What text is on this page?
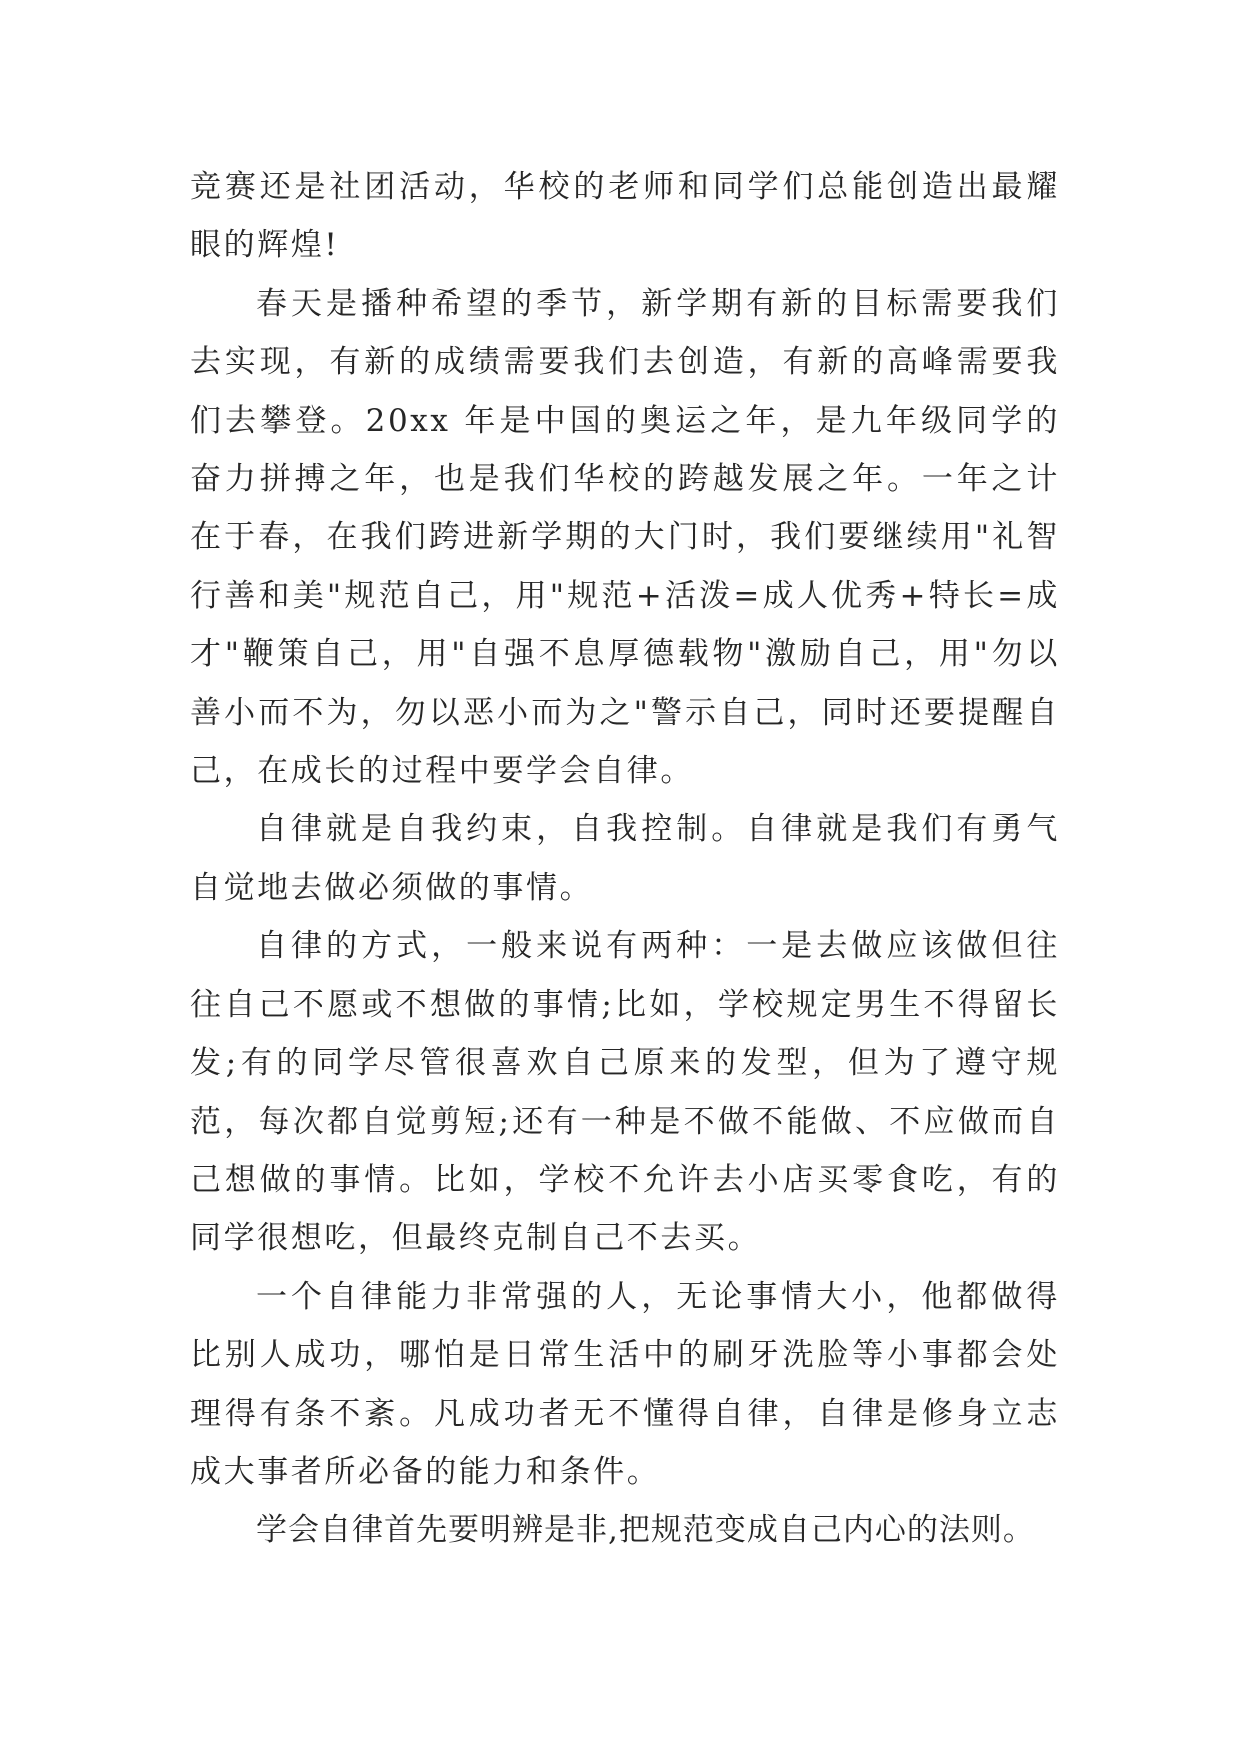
竞赛还是社团活动，华校的老师和同学们总能创造出最耀眼的辉煌!

春天是播种希望的季节，新学期有新的目标需要我们去实现，有新的成绩需要我们去创造，有新的高峰需要我们去攀登。20xx 年是中国的奥运之年，是九年级同学的奋力拼搏之年，也是我们华校的跨越发展之年。一年之计在于春，在我们跨进新学期的大门时，我们要继续用"礼智行善和美"规范自己，用"规范+活泼=成人优秀+特长=成才"鞭策自己，用"自强不息厚德载物"激励自己，用"勿以善小而不为，勿以恶小而为之"警示自己，同时还要提醒自己，在成长的过程中要学会自律。

自律就是自我约束，自我控制。自律就是我们有勇气自觉地去做必须做的事情。

自律的方式，一般来说有两种：一是去做应该做但往往自己不愿或不想做的事情;比如，学校规定男生不得留长发;有的同学尽管很喜欢自己原来的发型，但为了遵守规范，每次都自觉剪短;还有一种是不做不能做、不应做而自己想做的事情。比如，学校不允许去小店买零食吃，有的同学很想吃，但最终克制自己不去买。

一个自律能力非常强的人，无论事情大小，他都做得比别人成功，哪怕是日常生活中的刷牙洗脸等小事都会处理得有条不紊。凡成功者无不懂得自律，自律是修身立志成大事者所必备的能力和条件。

学会自律首先要明辨是非,把规范变成自己内心的法则。
